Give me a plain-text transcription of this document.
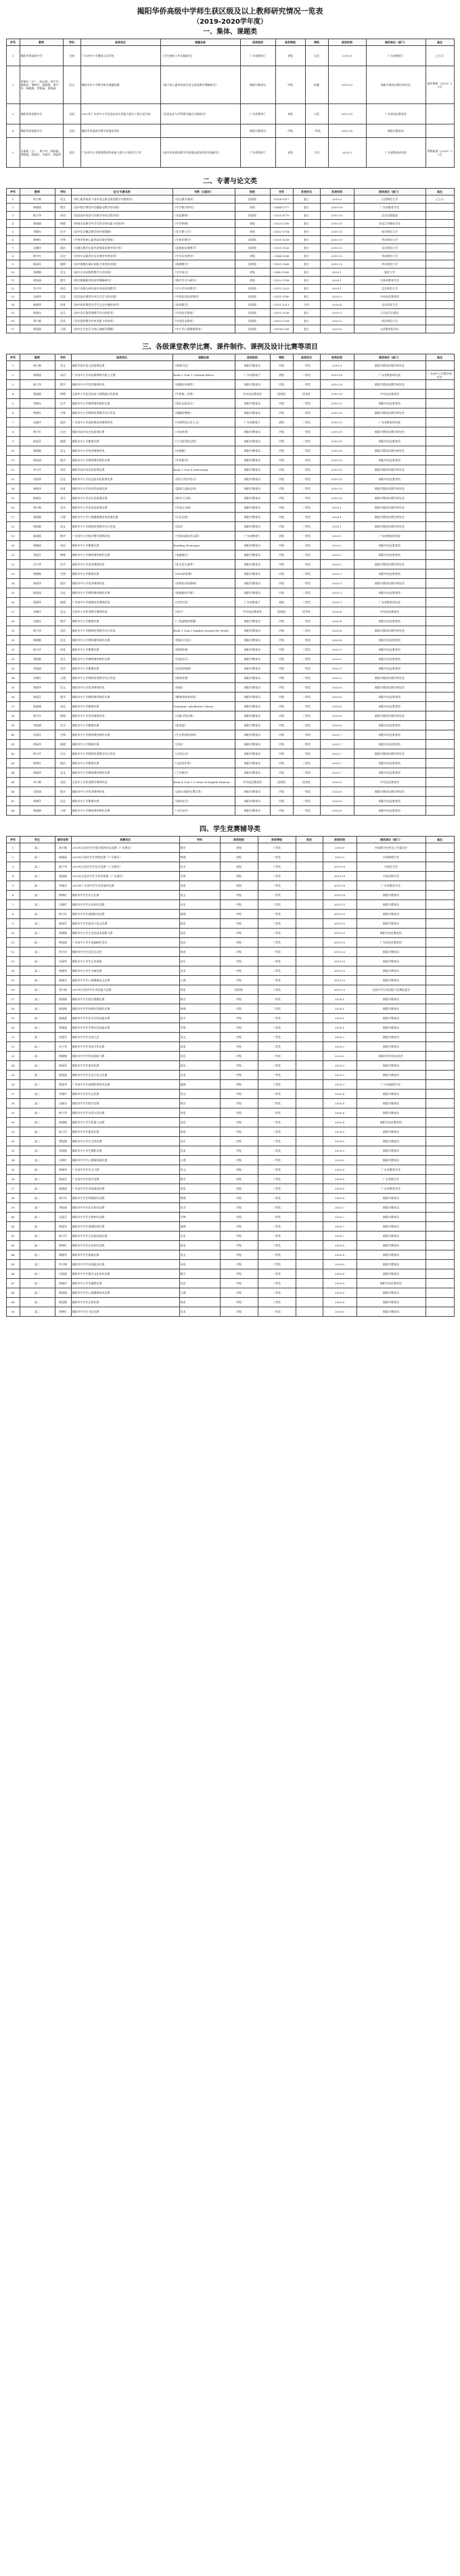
揭阳华侨高级中学师生获区级及以上教师研究情况一览表
（2019-2020学年度）
一、集体、课题类
序号	教师	学科	获奖项目	课题名称	获奖级别	获奖等级	等级	获奖时间	颁奖单位（部门）	备注
1	揭阳华侨高级中学	全校	广东省中小学德育示范学校	《学生德育工作实践研究》	广东省教育厅	省级	示范	2019.9	广东省教育厅	已公示
2	余丽东（主），陈志斌，林少红，黄晓东，黄映红，陈晓燕，郑少华，林晓敏，李锐丽，黄晓丽	语文	揭阳市中小学教学研究课题结题	《基于核心素养的高中语文阅读教学策略研究》	揭阳市教育局	市级	结题	2019.12	揭阳市教育局教学研究室	揭市教研（2019）33号
3	揭阳华侨高级中学	全校	2019年广东省中小学信息技术应用能力提升工程示范学校	《信息技术与学科教学融合实践研究》	广东省教育厅	省级	示范	2019.12	广东省电化教育馆	
4	揭阳华侨高级中学	全校	揭阳市普通高中教学质量优秀奖		揭阳市教育局	市级	一等奖	2019.10	揭阳市教育局	
5	吴丽娟（主），黄少玲，林锐敏，郑晓丽，陈晓红，李丽芬，林丽华	英语	广东省中小学教师教育科研能力提升计划项目立项	《高中英语阅读教学中思维品质培养的实践研究》	广东省教育厅	省级	立项	2020.3	广东省教育研究院	粤教研函（2020）12号
二、专著与论文类
序号	教师	学科	论文/专著名称	刊物（出版社）	级别	刊号	发表形式	发表时间	颁奖单位（部门）	备注
1	黄少敏	语文	《核心素养视角下高中语文群文阅读教学实践探究》	《语文教学通讯》	国家级	CN14-1017	独立	2019.9	山西师范大学	已公示
2	林晓丽	数学	《高中数学课堂中问题驱动教学的实践》	《中学数学研究》	省级	CN44-1177	独立	2019.10	广东省教育学会	
3	陈少华	英语	《浅谈高中英语写作教学中的过程评价》	《英语教师》	国家级	CN11-4779	独立	2019.10	北京出版集团	
4	郑丽娟	物理	《物理实验教学中学生科学探究能力的培养》	《中学物理》	省级	CN23-1190	独立	2019.11	黑龙江省教育学会	
5	李晓东	化学	《高中化学概念教学的有效策略》	《化学教与学》	省级	CN32-1704	独立	2019.11	南京师范大学	
6	黄映红	生物	《生物学科核心素养落实路径探析》	《生物学教学》	国家级	CN31-1009	独立	2019.11	华东师范大学	
7	吴晓玲	政治	《议题式教学在高中思想政治课中的应用》	《思想政治课教学》	国家级	CN11-1520	独立	2019.12	北京师范大学	
8	林少红	历史	《史料实证素养在历史课堂中的培养》	《中学历史教学》	省级	CN44-1088	独立	2019.12	华南师范大学	
9	陈丽芬	地理	《高中地理区域认知能力培养的实践》	《地理教学》	国家级	CN31-1043	独立	2019.12	华东师范大学	
10	郑晓敏	语文	《高中古诗词鉴赏教学方法初探》	《中学语文》	省级	CN42-1082	独立	2020.1	湖北大学	
11	黄锐丽	数学	《数学建模素养的培养策略研究》	《数学学习与研究》	省级	CN22-1158	独立	2020.1	吉林省教育学会	
12	李少玲	英语	《基于语篇分析的高中英语阅读教学》	《中小学外语教学》	国家级	CN11-2325	独立	2020.1	北京师范大学	
13	吴丽华	信息	《信息技术课堂中项目式学习的实践》	《中国信息技术教育》	国家级	CN11-5180	独立	2020.3	中央电化教育馆	
14	林晓华	体育	《高中体育课堂中学生运动兴趣的培养》	《体育教学》	国家级	CN11-3211	合作	2020.4	北京体育大学	
15	陈晓东	音乐	《高中音乐鉴赏课教学设计的思考》	《中国音乐教育》	国家级	CN11-3136	独立	2020.5	人民音乐出版社	
16	郑少敏	美术	《美术鉴赏教学中审美能力的培养》	《中国美术教育》	国家级	CN32-1138	独立	2020.5	南京师范大学	
17	黄丽娟	心理	《高中生学业压力的心理疏导策略》	《中小学心理健康教育》	国家级	CN14-1289	独立	2020.6	山西教育报刊社	
三、各级课堂教学比赛、课件制作、课例及设计比赛等项目
序号	教师	学科	获奖项目	课题名称	获奖级别	等级	获奖形式	获奖时间	颁奖单位（部门）	备注
1	黄少敏	语文	揭阳市高中语文优质课比赛	《荷塘月色》	揭阳市教育局	市级	一等奖	2019.9	揭阳市教育局教学研究室	
2	林晓丽	英语	广东省中小学英语教师教学能力大赛	Book 2 Unit 1 Cultural Relics	广东省教育厅	省级	二等奖	2019.10	广东省教育研究院	广东省中小学教学研究会
3	陈少华	数学	揭阳市中小学优秀课例评选	《函数的单调性》	揭阳市教育局	市级	一等奖	2019.10	揭阳市教育局教学研究室	
4	郑丽娟	物理	全国中小学信息技术与课程融合优质课	《牛顿第二定律》	中央电化教育馆	国家级	优秀奖	2019.10	中央电化教育馆	
5	李晓东	化学	揭阳市中小学教师课件制作比赛	《氧化还原反应》	揭阳市教育局	市级	二等奖	2019.11	揭阳市电化教育馆	
6	黄映红	生物	揭阳市中小学教师优秀教学设计评选	《细胞的增殖》	揭阳市教育局	市级	一等奖	2019.11	揭阳市教育局教学研究室	
7	吴晓玲	政治	广东省中小学思政课优秀课例评选	《中国特色社会主义》	广东省教育厅	省级	三等奖	2019.11	广东省教育研究院	
8	林少红	历史	揭阳市高中历史优质课比赛	《辛亥革命》	揭阳市教育局	市级	一等奖	2019.11	揭阳市教育局教学研究室	
9	陈丽芬	地理	揭阳市中小学微课比赛	《大气的受热过程》	揭阳市教育局	市级	二等奖	2019.11	揭阳市电化教育馆	
10	郑晓敏	语文	揭阳市中小学优秀课例评选	《赤壁赋》	揭阳市教育局	市级	二等奖	2019.11	揭阳市教育局教学研究室	
11	黄锐丽	数学	揭阳市中小学教师课件制作比赛	《等差数列》	揭阳市教育局	市级	一等奖	2019.12	揭阳市电化教育馆	
12	李少玲	英语	揭阳市高中英语优质课比赛	Book 3 Unit 4 Astronomy	揭阳市教育局	市级	一等奖	2019.12	揭阳市教育局教学研究室	
13	吴丽华	信息	揭阳市中小学信息技术优质课比赛	《算法与程序设计》	揭阳市教育局	市级	一等奖	2019.12	揭阳市电化教育馆	
14	林晓华	体育	揭阳市中小学体育优质课比赛	《篮球行进间运球》	揭阳市教育局	市级	二等奖	2019.12	揭阳市教育局教学研究室	
15	陈晓东	音乐	揭阳市中小学音乐优质课比赛	《黄河大合唱》	揭阳市教育局	市级	一等奖	2019.12	揭阳市教育局教学研究室	
16	郑少敏	美术	揭阳市中小学美术优质课比赛	《中国山水画》	揭阳市教育局	市级	二等奖	2020.1	揭阳市教育局教学研究室	
17	黄丽娟	心理	揭阳市中小学心理健康教育优质课比赛	《认识自我》	揭阳市教育局	市级	一等奖	2020.1	揭阳市教育局教学研究室	
18	林锐敏	语文	揭阳市中小学教师优秀教学设计评选	《雷雨》	揭阳市教育局	市级	三等奖	2020.1	揭阳市教育局教学研究室	
19	陈晓燕	数学	广东省中小学数学教学课例评选	《空间向量及其运算》	广东省教育厅	省级	二等奖	2020.1	广东省教育研究院	
20	郑晓丽	英语	揭阳市中小学微课比赛	Reading Strategies	揭阳市教育局	市级	一等奖	2020.2	揭阳市电化教育馆	
21	李丽芬	物理	揭阳市中小学教师课件制作比赛	《电磁感应》	揭阳市教育局	市级	二等奖	2020.2	揭阳市电化教育馆	
22	吴少华	化学	揭阳市中小学优秀课例评选	《化学反应速率》	揭阳市教育局	市级	一等奖	2020.2	揭阳市教育局教学研究室	
23	黄晓敏	生物	揭阳市中小学微课比赛	《DNA的复制》	揭阳市教育局	市级	二等奖	2020.3	揭阳市电化教育馆	
24	林丽华	政治	揭阳市中小学优秀课例评选	《价格变动的影响》	揭阳市教育局	市级	一等奖	2020.3	揭阳市教育局教学研究室	
25	陈锐丽	历史	揭阳市中小学教师课件制作比赛	《新航路的开辟》	揭阳市教育局	市级	二等奖	2020.3	揭阳市电化教育馆	
26	郑丽华	地理	广东省中小学地理优秀课例评选	《自然灾害》	广东省教育厅	省级	三等奖	2020.3	广东省教育研究院	
27	李晓玲	语文	全国中小学优秀教学课例评选	《劝学》	中央电化教育馆	国家级	优秀奖	2020.4	中央电化教育馆	
28	吴晓东	数学	揭阳市中小学微课比赛	《三角函数的图像》	揭阳市教育局	市级	一等奖	2020.4	揭阳市电化教育馆	
29	黄少华	英语	揭阳市中小学教师优秀教学设计评选	Book 1 Unit 2 English around the World	揭阳市教育局	市级	二等奖	2020.4	揭阳市教育局教学研究室	
30	林晓敏	信息	揭阳市中小学教师课件制作比赛	《数据与信息》	揭阳市教育局	市级	一等奖	2020.4	揭阳市电化教育馆	
31	陈少玲	体育	揭阳市中小学微课比赛	《排球垫球》	揭阳市教育局	市级	三等奖	2020.5	揭阳市电化教育馆	
32	郑锐敏	音乐	揭阳市中小学教师课件制作比赛	《民族音乐》	揭阳市教育局	市级	二等奖	2020.5	揭阳市电化教育馆	
33	李丽娟	美术	揭阳市中小学微课比赛	《色彩的情感》	揭阳市教育局	市级	一等奖	2020.5	揭阳市电化教育馆	
34	吴映红	心理	揭阳市中小学教师优秀教学设计评选	《情绪管理》	揭阳市教育局	市级	二等奖	2020.5	揭阳市教育局教学研究室	
35	黄晓华	语文	揭阳市中小学优秀课例评选	《祝福》	揭阳市教育局	市级	一等奖	2020.6	揭阳市教育局教学研究室	
36	林丽芬	数学	揭阳市中小学教师课件制作比赛	《概率的基本性质》	揭阳市教育局	市级	二等奖	2020.6	揭阳市电化教育馆	
37	陈晓丽	英语	揭阳市中小学微课比赛	Grammar: Attributive Clause	揭阳市教育局	市级	一等奖	2020.6	揭阳市电化教育馆	
38	郑少玲	物理	揭阳市中小学优秀课例评选	《动量守恒定律》	揭阳市教育局	市级	三等奖	2020.6	揭阳市教育局教学研究室	
39	李锐丽	化学	揭阳市中小学微课比赛	《原电池》	揭阳市教育局	市级	二等奖	2020.6	揭阳市电化教育馆	
40	吴丽芬	生物	揭阳市中小学教师课件制作比赛	《生态系统的结构》	揭阳市教育局	市级	一等奖	2020.7	揭阳市电化教育馆	
41	黄丽华	地理	揭阳市中小学微课比赛	《洋流》	揭阳市教育局	市级	二等奖	2020.7	揭阳市电化教育馆	
42	林少玲	历史	揭阳市中小学教师优秀教学设计评选	《五四运动》	揭阳市教育局	市级	一等奖	2020.7	揭阳市教育局教学研究室	
43	陈映红	政治	揭阳市中小学微课比赛	《文化的作用》	揭阳市教育局	市级	三等奖	2020.7	揭阳市电化教育馆	
44	郑晓华	语文	揭阳市中小学教师课件制作比赛	《兰亭集序》	揭阳市教育局	市级	二等奖	2020.7	揭阳市电化教育馆	
45	李少敏	英语	全国中小学英语教学课例评选	Book 4 Unit 3 A Taste of English Humour	中央电化教育馆	国家级	优秀奖	2020.8	中央电化教育馆	
46	吴锐丽	数学	揭阳市中小学优秀课例评选	《直线与圆的位置关系》	揭阳市教育局	市级	一等奖	2020.8	揭阳市教育局教学研究室	
47	黄晓玲	信息	揭阳市中小学微课比赛	《网络安全》	揭阳市教育局	市级	二等奖	2020.8	揭阳市电化教育馆	
48	林丽娟	心理	揭阳市中小学教师课件制作比赛	《人际交往》	揭阳市教育局	市级	一等奖	2020.8	揭阳市电化教育馆	
四、学生竞赛辅导类
序号	学生	辅导老师	竞赛项目	学科	获奖级别	获奖等级	奖次	获奖时间	颁奖单位（部门）	备注
1	高二	黄少敏	2019年全国中学生数学奥林匹克竞赛（广东赛区）	数学	省级	三等奖		2019.9	中国数学会普及工作委员会	
2	高二	林晓丽	2019年全国中学生物理竞赛（广东赛区）	物理	省级	二等奖		2019.9	中国物理学会	
3	高二	陈少华	2019年全国中学生化学竞赛（广东赛区）	化学	省级	三等奖		2019.10	中国化学会	
4	高二	郑丽娟	2019年全国中学生生物学联赛（广东赛区）	生物	省级	二等奖		2019.10	中国动物学会	
5	高一	李晓东	2019年广东省中学生英语演讲比赛	英语	省级	一等奖		2019.10	广东省教育学会	
6	高一	黄映红	揭阳市中学生作文比赛	语文	市级	一等奖		2019.10	揭阳市教育局	
7	高二	吴晓玲	揭阳市中学生历史知识竞赛	历史	市级	二等奖		2019.11	揭阳市教育局	
8	高一	林少红	揭阳市中学生地理知识竞赛	地理	市级	一等奖		2019.11	揭阳市教育局	
9	高三	陈丽芬	揭阳市中学生政治小论文比赛	政治	市级	二等奖		2019.11	揭阳市教育局	
10	高二	郑晓敏	揭阳市中小学生信息技术创新大赛	信息	市级	一等奖		2019.11	揭阳市电化教育馆	
11	高一	黄锐丽	广东省中小学生电脑制作活动	信息	省级	三等奖		2019.11	广东省电化教育馆	
12	高二	李少玲	揭阳市中学生田径运动会	体育	市级	一等奖		2019.12	揭阳市教育局	
13	高一	吴丽华	揭阳市中小学生艺术展演	音乐	市级	一等奖		2019.12	揭阳市教育局	
14	高二	林晓华	揭阳市中小学生书画比赛	美术	市级	二等奖		2019.12	揭阳市教育局	
15	高一	陈晓东	揭阳市中学生心理健康征文比赛	心理	市级	一等奖		2019.12	揭阳市教育局	
16	高二	郑少敏	2019年全国中学生英语能力竞赛	英语	国家级	三等奖		2019.12	全国中学生英语能力竞赛组委会	
17	高三	黄丽娟	揭阳市中学生数学建模比赛	数学	市级	一等奖		2020.1	揭阳市教育局	
18	高二	林锐敏	揭阳市中学生物理实验操作比赛	物理	市级	二等奖		2020.1	揭阳市教育局	
19	高一	陈晓燕	揭阳市中学生化学实验技能比赛	化学	市级	一等奖		2020.1	揭阳市教育局	
20	高二	郑晓丽	揭阳市中学生生物实验技能比赛	生物	市级	二等奖		2020.1	揭阳市教育局	
21	高一	李丽芬	揭阳市中学生诗词大会	语文	市级	一等奖		2020.2	揭阳市教育局	
22	高二	吴少华	揭阳市中学生英语写作比赛	英语	市级	二等奖		2020.2	揭阳市教育局	
23	高一	黄晓敏	揭阳市中学生科技创新大赛	信息	市级	一等奖		2020.2	揭阳市科学技术协会	
24	高二	林丽华	揭阳市中学生演讲比赛	政治	市级	二等奖		2020.3	揭阳市教育局	
25	高一	陈锐丽	揭阳市中学生历史小论文比赛	历史	市级	一等奖		2020.3	揭阳市教育局	
26	高二	郑丽华	广东省中学生地理科普知识竞赛	地理	省级	三等奖		2020.3	广东省地理学会	
27	高三	李晓玲	揭阳市中学生作文比赛	语文	市级	一等奖		2020.4	揭阳市教育局	
28	高二	吴晓东	揭阳市中学生数学竞赛	数学	市级	二等奖		2020.4	揭阳市教育局	
29	高一	黄少华	揭阳市中学生英语口语比赛	英语	市级	一等奖		2020.4	揭阳市教育局	
30	高二	林晓敏	揭阳市中小学生机器人竞赛	信息	市级	一等奖		2020.4	揭阳市电化教育馆	
31	高一	陈少玲	揭阳市中学生篮球比赛	体育	市级	二等奖		2020.5	揭阳市教育局	
32	高二	郑锐敏	揭阳市中小学生合唱比赛	音乐	市级	一等奖		2020.5	揭阳市教育局	
33	高一	李丽娟	揭阳市中小学生摄影比赛	美术	市级	二等奖		2020.5	揭阳市教育局	
34	高二	吴映红	揭阳市中学生心理情景剧比赛	心理	市级	一等奖		2020.5	揭阳市教育局	
35	高一	黄晓华	广东省中学生作文大赛	语文	省级	二等奖		2020.6	广东省教育学会	
36	高二	林丽芬	广东省中学生数学竞赛	数学	省级	三等奖		2020.6	广东省数学会	
37	高一	陈晓丽	广东省中学生英语阅读比赛	英语	省级	二等奖		2020.6	广东省教育学会	
38	高二	郑少玲	揭阳市中学生物理知识竞赛	物理	市级	一等奖		2020.6	揭阳市教育局	
39	高一	李锐丽	揭阳市中学生化学知识竞赛	化学	市级	二等奖		2020.7	揭阳市教育局	
40	高二	吴丽芬	揭阳市中学生生物知识竞赛	生物	市级	一等奖		2020.7	揭阳市教育局	
41	高一	黄丽华	揭阳市中学生地理绘图比赛	地理	市级	二等奖		2020.7	揭阳市教育局	
42	高二	林少玲	揭阳市中学生历史剧表演比赛	历史	市级	一等奖		2020.7	揭阳市教育局	
43	高一	陈映红	揭阳市中学生法治知识竞赛	政治	市级	二等奖		2020.8	揭阳市教育局	
44	高二	郑晓华	揭阳市中学生朗诵比赛	语文	市级	一等奖		2020.8	揭阳市教育局	
45	高三	李少敏	揭阳市中学生英语配音比赛	英语	市级	二等奖		2020.8	揭阳市教育局	
46	高二	吴锐丽	揭阳市中学生数学文化知识竞赛	数学	市级	一等奖		2020.8	揭阳市教育局	
47	高一	黄晓玲	揭阳市中小学生编程比赛	信息	市级	二等奖		2020.8	揭阳市电化教育馆	
48	高二	林丽娟	揭阳市中学生心理健康知识竞赛	心理	市级	一等奖		2020.8	揭阳市教育局	
49	高一	陈锐敏	揭阳市中学生足球比赛	体育	市级	三等奖		2020.8	揭阳市教育局	
50	高二	郑映红	揭阳市中学生书法比赛	美术	市级	一等奖		2020.8	揭阳市教育局	
